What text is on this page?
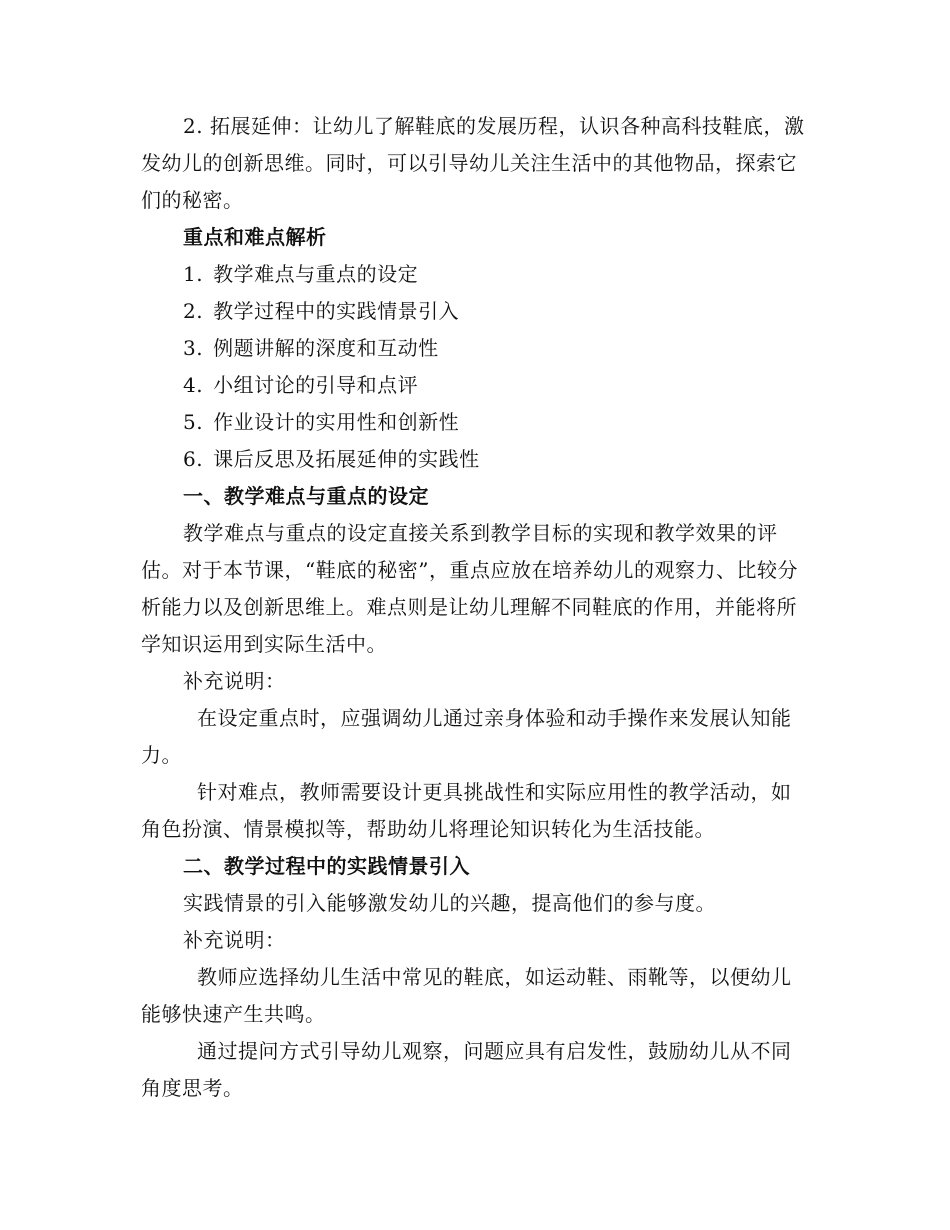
2. 拓展延伸：让幼儿了解鞋底的发展历程，认识各种高科技鞋底，激发幼儿的创新思维。同时，可以引导幼儿关注生活中的其他物品，探索它们的秘密。

重点和难点解析

1. 教学难点与重点的设定

2. 教学过程中的实践情景引入

3. 例题讲解的深度和互动性

4. 小组讨论的引导和点评

5. 作业设计的实用性和创新性

6. 课后反思及拓展延伸的实践性

一、教学难点与重点的设定

教学难点与重点的设定直接关系到教学目标的实现和教学效果的评估。对于本节课，“鞋底的秘密”，重点应放在培养幼儿的观察力、比较分析能力以及创新思维上。难点则是让幼儿理解不同鞋底的作用，并能将所学知识运用到实际生活中。

补充说明：

在设定重点时，应强调幼儿通过亲身体验和动手操作来发展认知能力。

针对难点，教师需要设计更具挑战性和实际应用性的教学活动，如角色扮演、情景模拟等，帮助幼儿将理论知识转化为生活技能。

二、教学过程中的实践情景引入

实践情景的引入能够激发幼儿的兴趣，提高他们的参与度。

补充说明：

教师应选择幼儿生活中常见的鞋底，如运动鞋、雨靴等，以便幼儿能够快速产生共鸣。

通过提问方式引导幼儿观察，问题应具有启发性，鼓励幼儿从不同角度思考。
